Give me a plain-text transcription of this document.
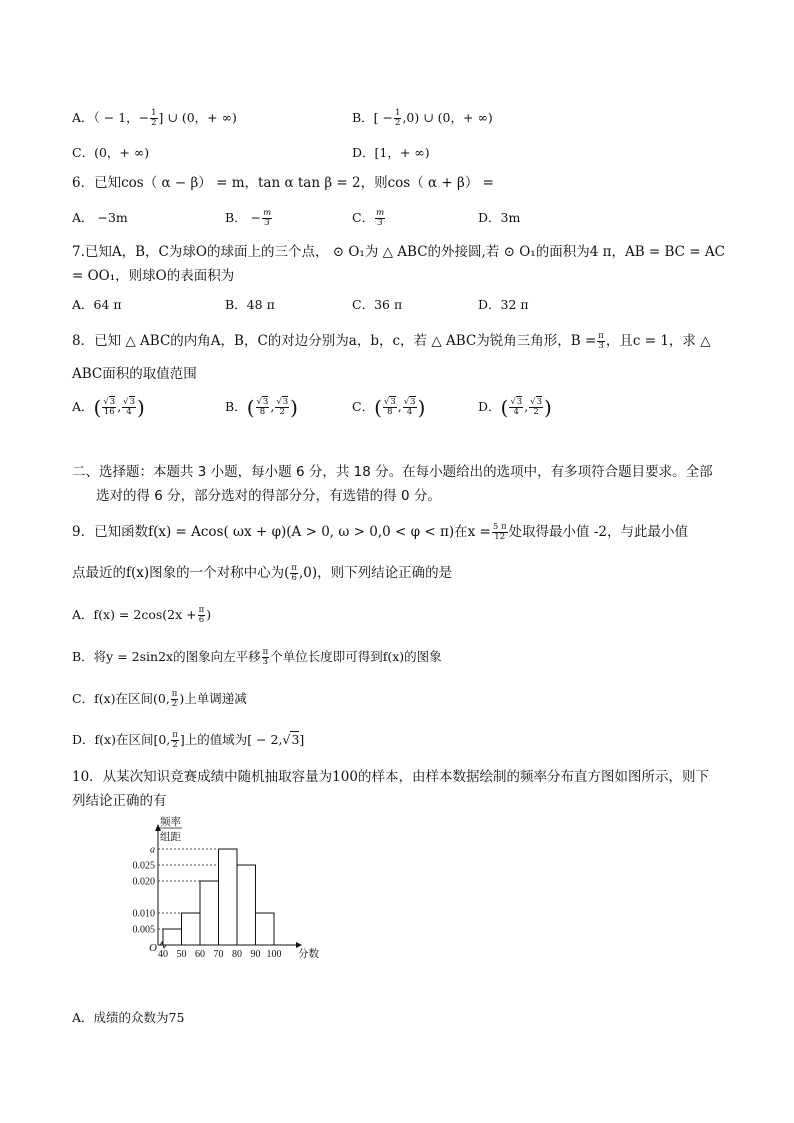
A．（ − 1，− $\frac{1}{2}$ ] ∪ (0，+ ∞)	B．[ − $\frac{1}{2} ,0$) ∪ (0，+ ∞)
C．(0，+ ∞)	D．[1，+ ∞)
6．已知cos（ α − β） = m，tan α tan β = 2，则cos（ α + β） =
A． −3m	B． − $\frac{m}{3}$	C． $\frac{m}{3}$	D．3m
7.已知A，B，C为球O的球面上的三个点， ⊙ O₁为 △ ABC的外接圆,若 ⊙ O₁的面积为4 π，AB = BC = AC
= OO₁，则球O的表面积为
A．64 π	B．48 π	C．36 π	D．32 π
8．已知 △ ABC的内角A，B，C的对边分别为a，b，c，若 △ ABC为锐角三角形，$B = \frac{\pi}{3}$ ，且c = 1，求 △
ABC面积的取值范围
A．( $\frac{√3}{16}$ , $\frac{√3}{4}$ )	B．( $\frac{√3}{8}$ , $\frac{√3}{2}$ )	C．( $\frac{√3}{8}$ , $\frac{√3}{4}$ )	D．( $\frac{√3}{4}$ , $\frac{√3}{2}$ )
二、选择题：本题共 3 小题，每小题 6 分，共 18 分。在每小题给出的选项中，有多项符合题目要求。全部
选对的得 6 分，部分选对的得部分分，有选错的得 0 分。
9．已知函数f(x) = Acos( ωx + φ)(A > 0, ω > 0,0 < φ < π)在$x = \frac{5 \pi}{12}$ 处取得最小值 -2，与此最小值
点最近的f(x)图象的一个对称中心为( $\frac{\pi}{6} ,0$)，则下列结论正确的是
A．$f(x) = 2\cos(2x + \frac{\pi}{6}$ )
B．将y = 2sin2x的图象向左平移 $\frac{\pi}{3}$ 个单位长度即可得到f(x)的图象
C．f(x)在区间(0, $\frac{\pi}{2}$ )上单调递减
D．f(x)在区间[0, $\frac{\pi}{2}$ ]上的值域为[ − 2,√3]
10．从某次知识竞赛成绩中随机抽取容量为100的样本，由样本数据绘制的频率分布直方图如图所示，则下
列结论正确的有
O
频率
组距
分数
0.005
0.010
0.020
0.025
a
40 50 60 70 80 90 100
A．成绩的众数为75
